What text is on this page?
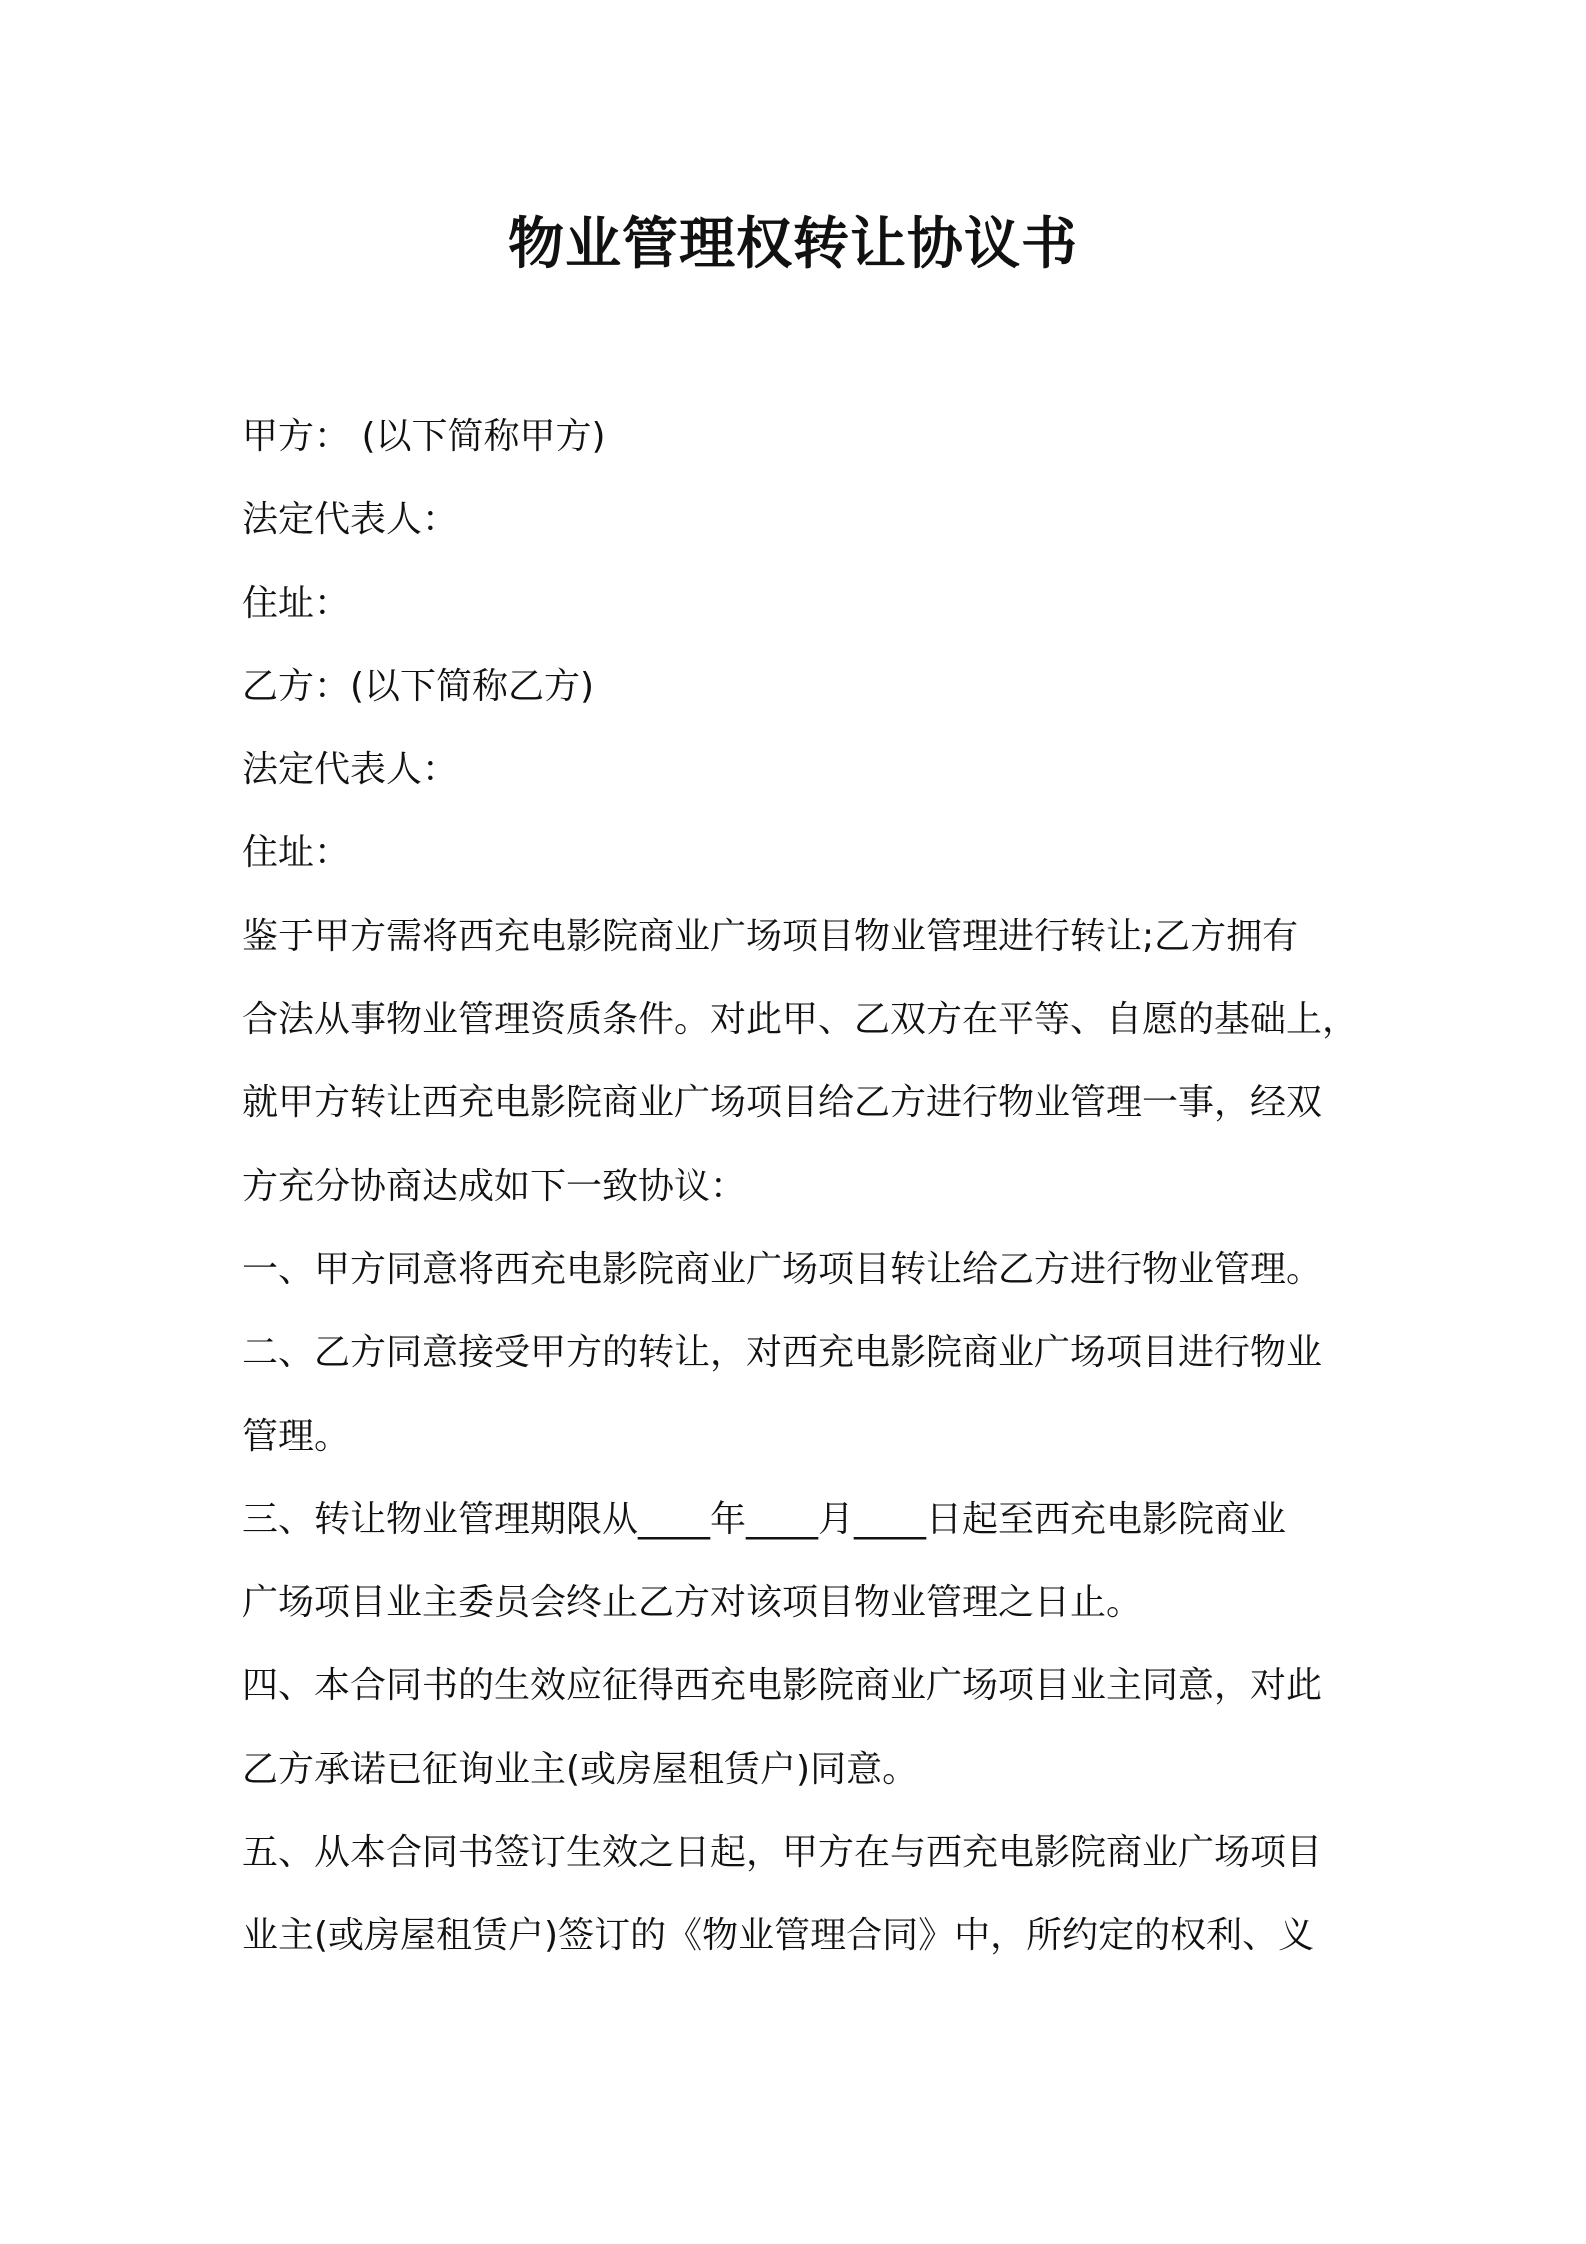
物业管理权转让协议书
甲方： (以下简称甲方)
法定代表人：
住址：
乙方：(以下简称乙方)
法定代表人：
住址：
鉴于甲方需将西充电影院商业广场项目物业管理进行转让;乙方拥有
合法从事物业管理资质条件。对此甲、乙双方在平等、自愿的基础上，
就甲方转让西充电影院商业广场项目给乙方进行物业管理一事，经双
方充分协商达成如下一致协议：
一、甲方同意将西充电影院商业广场项目转让给乙方进行物业管理。
二、乙方同意接受甲方的转让，对西充电影院商业广场项目进行物业
管理。
三、转让物业管理期限从____年____月____日起至西充电影院商业
广场项目业主委员会终止乙方对该项目物业管理之日止。
四、本合同书的生效应征得西充电影院商业广场项目业主同意，对此
乙方承诺已征询业主(或房屋租赁户)同意。
五、从本合同书签订生效之日起，甲方在与西充电影院商业广场项目
业主(或房屋租赁户)签订的《物业管理合同》中，所约定的权利、义
